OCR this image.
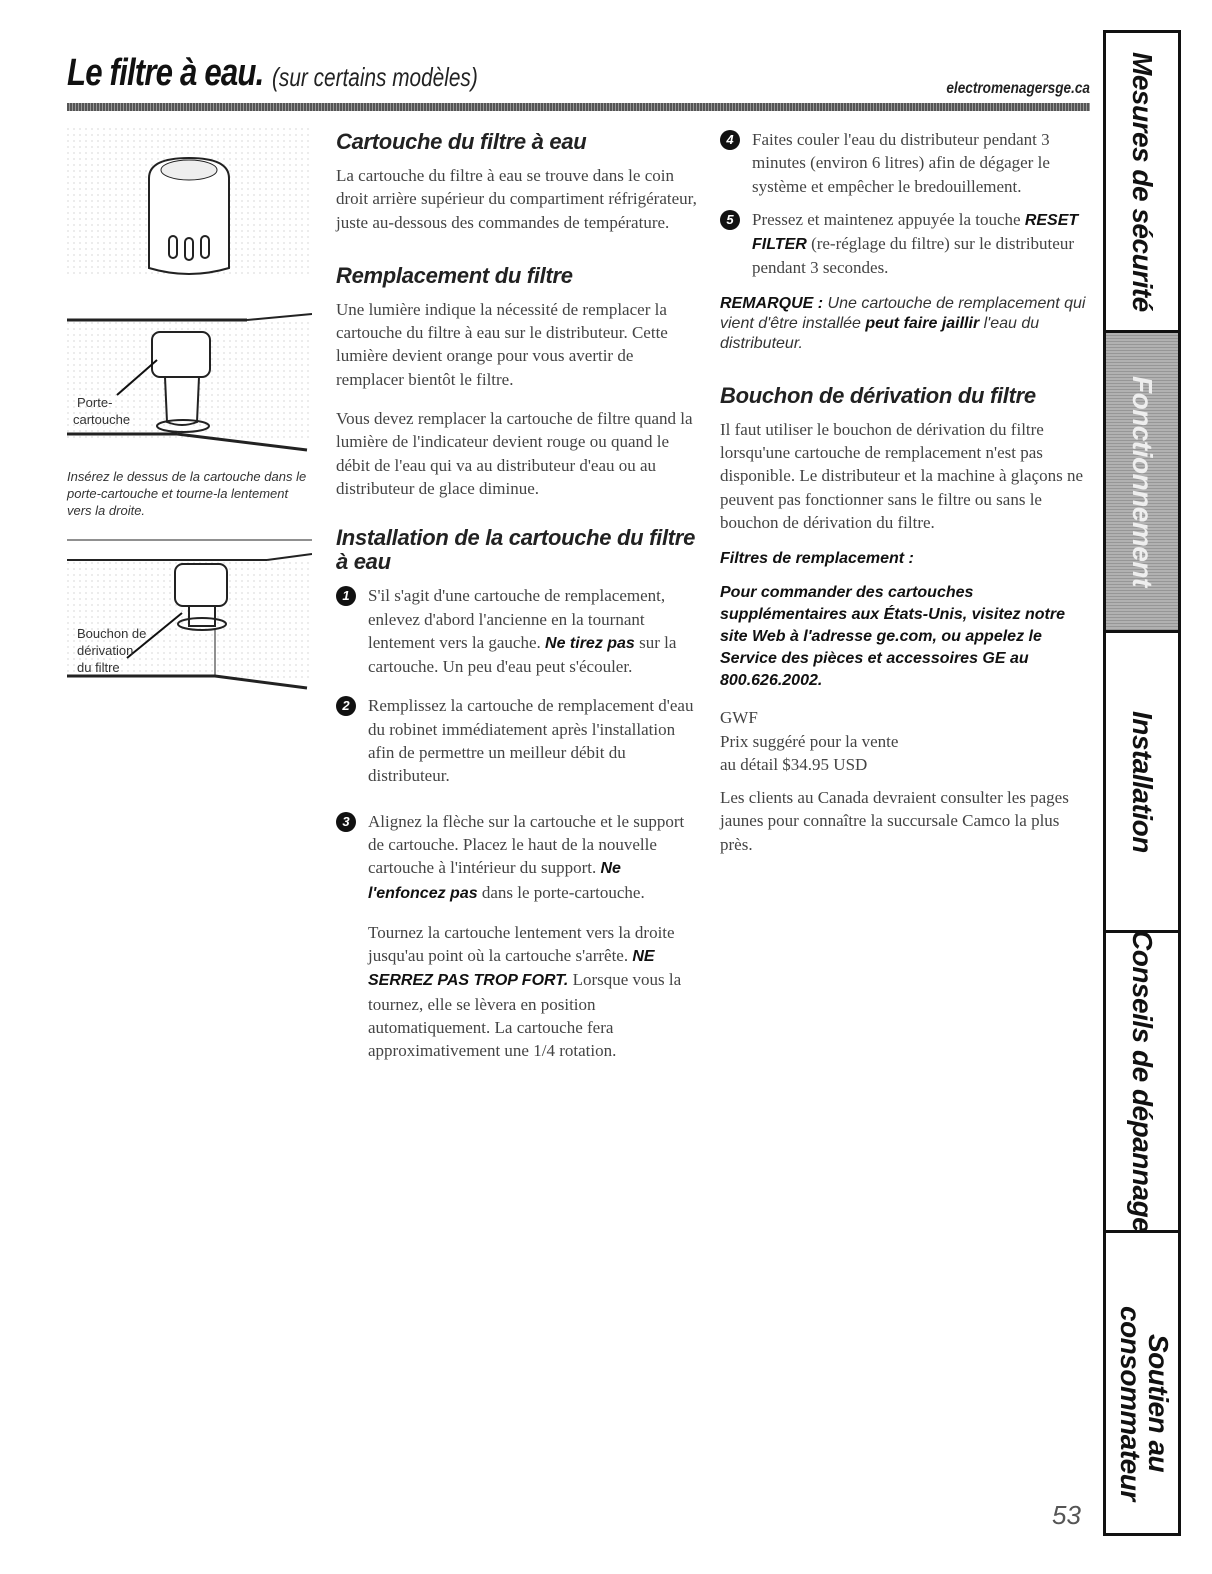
Le filtre à eau. (sur certains modèles)	electromenagersge.ca
Porte-
cartouche
Insérez le dessus de la cartouche dans le porte-cartouche et tourne-la lentement vers la droite.
Bouchon de
dérivation
du filtre
Cartouche du filtre à eau

La cartouche du filtre à eau se trouve dans le coin droit arrière supérieur du compartiment réfrigérateur, juste au-dessous des commandes de température.

Remplacement du filtre

Une lumière indique la nécessité de remplacer la cartouche du filtre à eau sur le distributeur. Cette lumière devient orange pour vous avertir de remplacer bientôt le filtre.

Vous devez remplacer la cartouche de filtre quand la lumière de l'indicateur devient rouge ou quand le débit de l'eau qui va au distributeur d'eau ou au distributeur de glace diminue.

Installation de la cartouche du filtre à eau

1	S'il s'agit d'une cartouche de remplacement, enlevez d'abord l'ancienne en la tournant lentement vers la gauche. Ne tirez pas sur la cartouche. Un peu d'eau peut s'écouler.

2	Remplissez la cartouche de remplacement d'eau du robinet immédiatement après l'installation afin de permettre un meilleur débit du distributeur.

3	Alignez la flèche sur la cartouche et le support de cartouche. Placez le haut de la nouvelle cartouche à l'intérieur du support. Ne l'enfoncez pas dans le porte-cartouche.

Tournez la cartouche lentement vers la droite jusqu'au point où la cartouche s'arrête. NE SERREZ PAS TROP FORT. Lorsque vous la tournez, elle se lèvera en position automatiquement. La cartouche fera approximativement une 1/4 rotation.

4	Faites couler l'eau du distributeur pendant 3 minutes (environ 6 litres) afin de dégager le système et empêcher le bredouillement.

5	Pressez et maintenez appuyée la touche RESET FILTER (re-réglage du filtre) sur le distributeur pendant 3 secondes.

REMARQUE : Une cartouche de remplacement qui vient d'être installée peut faire jaillir l'eau du distributeur.
Bouchon de dérivation du filtre

Il faut utiliser le bouchon de dérivation du filtre lorsqu'une cartouche de remplacement n'est pas disponible. Le distributeur et la machine à glaçons ne peuvent pas fonctionner sans le filtre ou sans le bouchon de dérivation du filtre.

Filtres de remplacement :
Pour commander des cartouches supplémentaires aux États-Unis, visitez notre site Web à l'adresse ge.com, ou appelez le Service des pièces et accessoires GE au 800.626.2002.

GWF

Prix suggéré pour la vente

au détail $34.95 USD

Les clients au Canada devraient consulter les pages jaunes pour connaître la succursale Camco la plus près.

Mesures de sécurité
Fonctionnement
Installation
Conseils de dépannage
Soutien au consommateur
53
